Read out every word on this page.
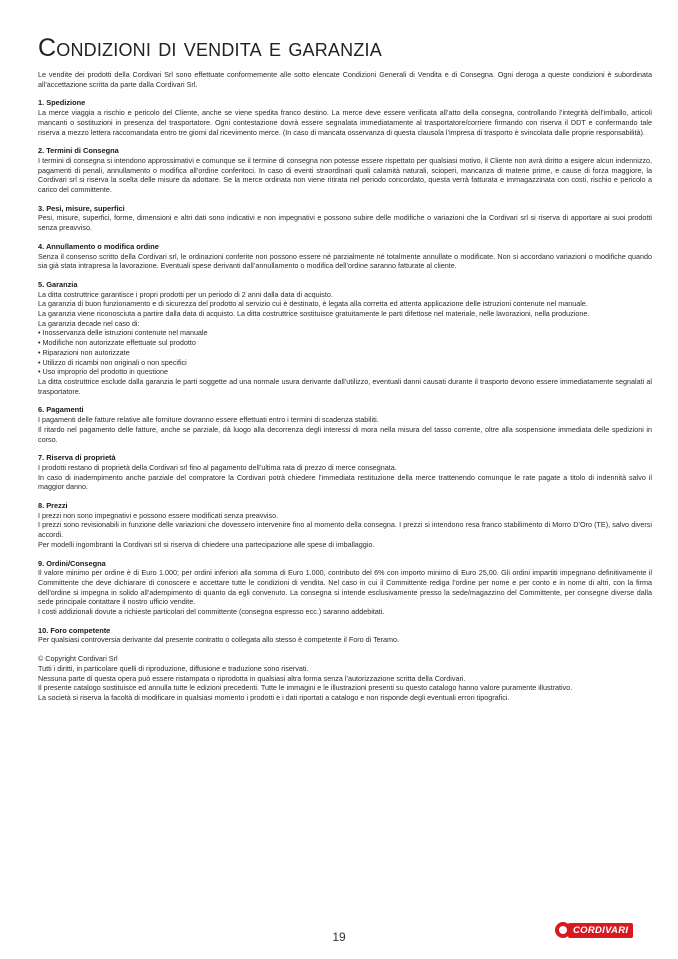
Condizioni di vendita e garanzia

Le vendite dei prodotti della Cordivari Srl sono effettuate conformemente alle sotto elencate Condizioni Generali di Vendita e di Consegna. Ogni deroga a queste condizioni è subordinata all’accettazione scritta da parte dalla Cordivari Srl.

1. Spedizione
La merce viaggia a rischio e pericolo del Cliente, anche se viene spedita franco destino. La merce deve essere verificata all’atto della consegna, controllando l’integrità dell’imballo, articoli mancanti o sostituzioni in presenza del trasportatore. Ogni contestazione dovrà essere segnalata immediatamente al trasportatore/corriere firmando con riserva il DDT e confermando tale riserva a mezzo lettera raccomandata entro tre giorni dal ricevimento merce. (In caso di mancata osservanza di questa clausola l’impresa di trasporto è svincolata dalle proprie responsabilità).
2. Termini di Consegna
I termini di consegna si intendono approssimativi e comunque se il termine di consegna non potesse essere rispettato per qualsiasi motivo, il Cliente non avrà diritto a esigere alcun indennizzo, pagamenti di penali, annullamento o modifica all’ordine conferitoci. In caso di eventi straordinari quali calamità naturali, scioperi, mancanza di materie prime, e cause di forza maggiore, la Cordivari srl si riserva la scelta delle misure da adottare. Se la merce ordinata non viene ritirata nel periodo concordato, questa verrà fatturata e immagazzinata con costi, rischio e pericolo a carico del committente.
3. Pesi, misure, superfici
Pesi, misure, superfici, forme, dimensioni e altri dati sono indicativi e non impegnativi e possono subire delle modifiche o variazioni che la Cordivari srl si riserva di apportare ai suoi prodotti senza preavviso.
4. Annullamento o modifica ordine
Senza il consenso scritto della Cordivari srl, le ordinazioni conferite non possono essere né parzialmente né totalmente annullate o modificate. Non si accordano variazioni o modifiche quando sia già stata intrapresa la lavorazione. Eventuali spese derivanti dall’annullamento o modifica dell’ordine saranno fatturate al cliente.
5. Garanzia
La ditta costruttrice garantisce i propri prodotti per un periodo di 2 anni dalla data di acquisto.
La garanzia di buon funzionamento e di sicurezza del prodotto al servizio cui è destinato, è legata alla corretta ed attenta applicazione delle istruzioni contenute nel manuale.
La garanzia viene riconosciuta a partire dalla data di acquisto. La ditta costruttrice sostituisce gratuitamente le parti difettose nel materiale, nelle lavorazioni, nella produzione.
La garanzia decade nel caso di:
• Inosservanza delle istruzioni contenute nel manuale
• Modifiche non autorizzate effettuate sul prodotto
• Riparazioni non autorizzate
• Utilizzo di ricambi non originali o non specifici
• Uso improprio del prodotto in questione
La ditta costruttrice esclude dalla garanzia le parti soggette ad una normale usura derivante dall’utilizzo, eventuali danni causati durante il trasporto devono essere immediatamente segnalati al trasportatore.
6. Pagamenti
I pagamenti delle fatture relative alle forniture dovranno essere effettuati entro i termini di scadenza stabiliti.
Il ritardo nel pagamento delle fatture, anche se parziale, dà luogo alla decorrenza degli interessi di mora nella misura del tasso corrente, oltre alla sospensione immediata delle spedizioni in corso.
7. Riserva di proprietà
I prodotti restano di proprietà della Cordivari srl fino al pagamento dell’ultima rata di prezzo di merce consegnata.
In caso di inadempimento anche parziale del compratore la Cordivari potrà chiedere l’immediata restituzione della merce trattenendo comunque le rate pagate a titolo di indennità salvo il maggior danno.
8. Prezzi
I prezzi non sono impegnativi e possono essere modificati senza preavviso.
I prezzi sono revisionabili in funzione delle variazioni che dovessero intervenire fino al momento della consegna. I prezzi si intendono resa franco stabilimento di Morro D’Oro (TE), salvo diversi accordi.
Per modelli ingombranti la Cordivari srl si riserva di chiedere una partecipazione alle spese di imballaggio.
9. Ordini/Consegna
Il valore minimo per ordine è di Euro 1.000; per ordini inferiori alla somma di Euro 1.000, contributo del 6% con importo minimo di Euro 25,00. Gli ordini impartiti impegnano definitivamente il Committente che deve dichiarare di conoscere e accettare tutte le condizioni di vendita. Nel caso in cui il Committente rediga l’ordine per nome e per conto e in nome di altri, con la firma dell’ordine si impegna in solido all’adempimento di quanto da egli convenuto. La consegna si intende esclusivamente presso la sede/magazzino del Committente, per consegne diverse dalla sede principale contattare il nostro ufficio vendite.
I costi addizionali dovute a richieste particolari del committente (consegna espresso ecc.) saranno addebitati.
10. Foro competente
Per qualsiasi controversia derivante dal presente contratto o collegata allo stesso è competente il Foro di Teramo.
© Copyright Cordivari Srl
Tutti i diritti, in particolare quelli di riproduzione, diffusione e traduzione sono riservati.
Nessuna parte di questa opera può essere ristampata o riprodotta in qualsiasi altra forma senza l’autorizzazione scritta della Cordivari.
Il presente catalogo sostituisce ed annulla tutte le edizioni precedenti. Tutte le immagini e le illustrazioni presenti su questo catalogo hanno valore puramente illustrativo.
La società si riserva la facoltà di modificare in qualsiasi momento i prodotti e i dati riportati a catalogo e non risponde degli eventuali errori tipografici.
19	CORDIVARI
